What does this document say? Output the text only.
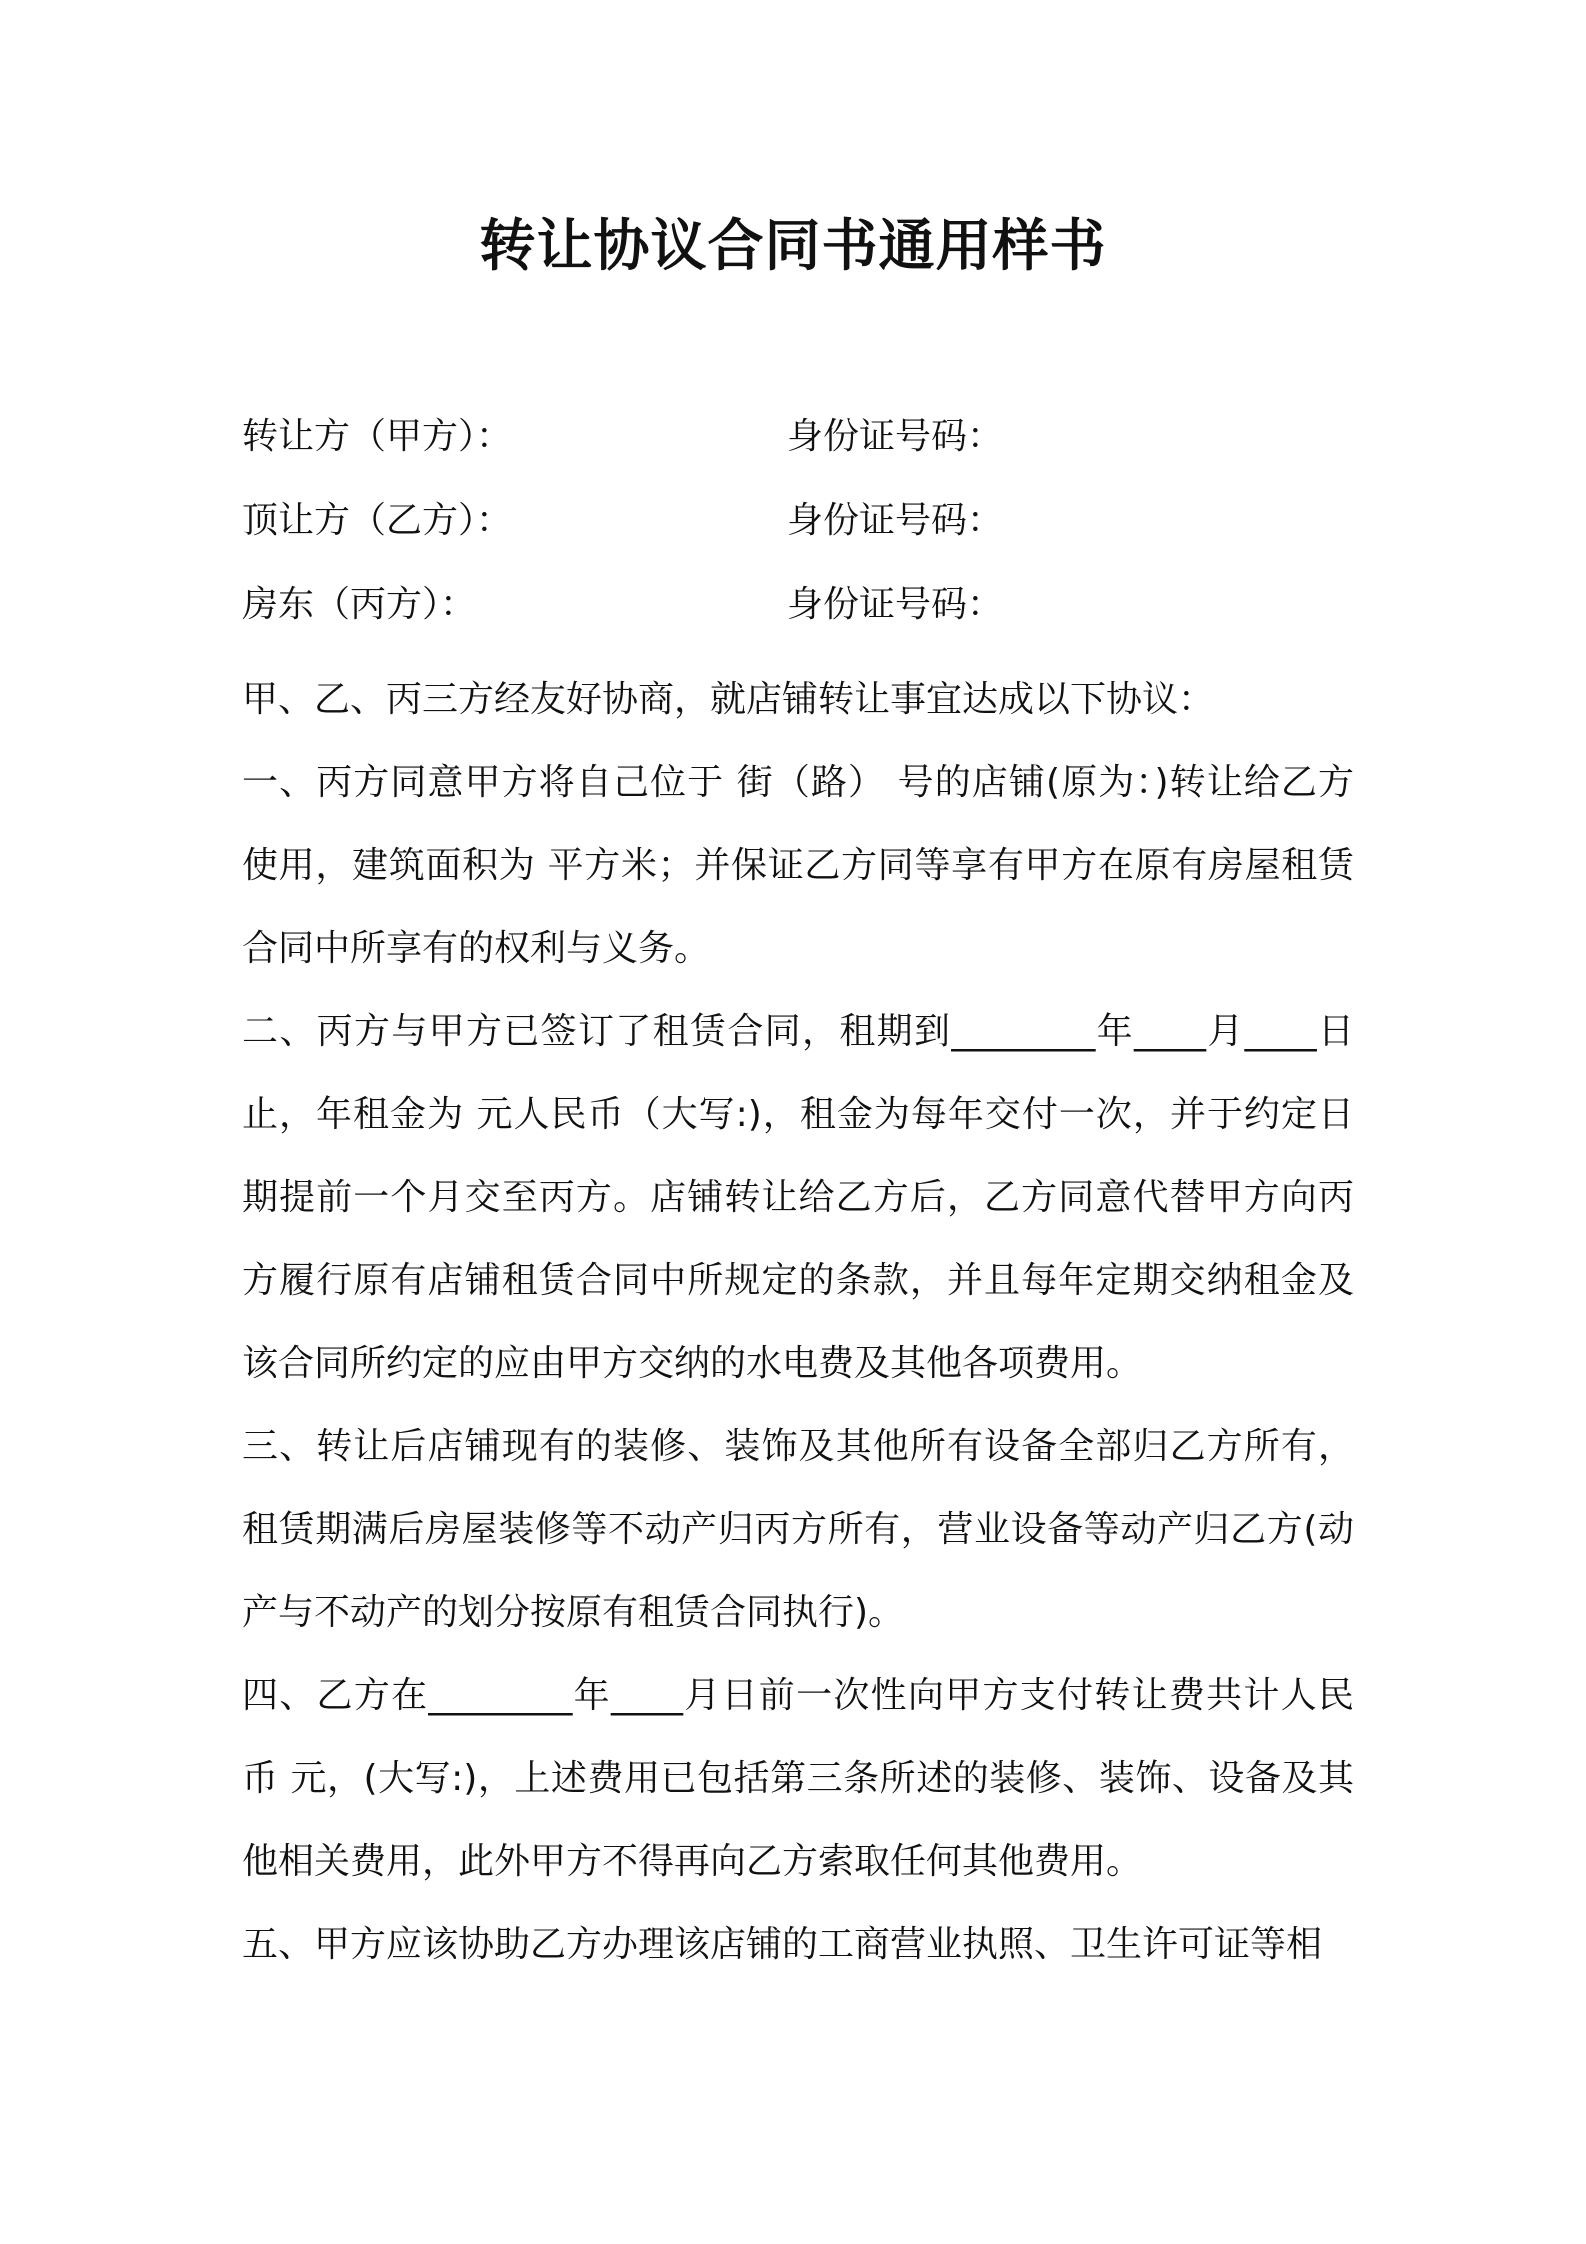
转让协议合同书通用样书
转让方（甲方）：	身份证号码：
顶让方（乙方）：	身份证号码：
房东（丙方）：	身份证号码：

甲、乙、丙三方经友好协商，就店铺转让事宜达成以下协议：

一、丙方同意甲方将自己位于 街（路） 号的店铺(原为：)转让给乙方使用，建筑面积为 平方米；并保证乙方同等享有甲方在原有房屋租赁合同中所享有的权利与义务。

二、丙方与甲方已签订了租赁合同，租期到________年____月____日止，年租金为 元人民币（大写:)，租金为每年交付一次，并于约定日期提前一个月交至丙方。店铺转让给乙方后，乙方同意代替甲方向丙方履行原有店铺租赁合同中所规定的条款，并且每年定期交纳租金及该合同所约定的应由甲方交纳的水电费及其他各项费用。

三、转让后店铺现有的装修、装饰及其他所有设备全部归乙方所有，租赁期满后房屋装修等不动产归丙方所有，营业设备等动产归乙方(动产与不动产的划分按原有租赁合同执行)。

四、乙方在________年____月日前一次性向甲方支付转让费共计人民币 元，(大写:)，上述费用已包括第三条所述的装修、装饰、设备及其他相关费用，此外甲方不得再向乙方索取任何其他费用。

五、甲方应该协助乙方办理该店铺的工商营业执照、卫生许可证等相
